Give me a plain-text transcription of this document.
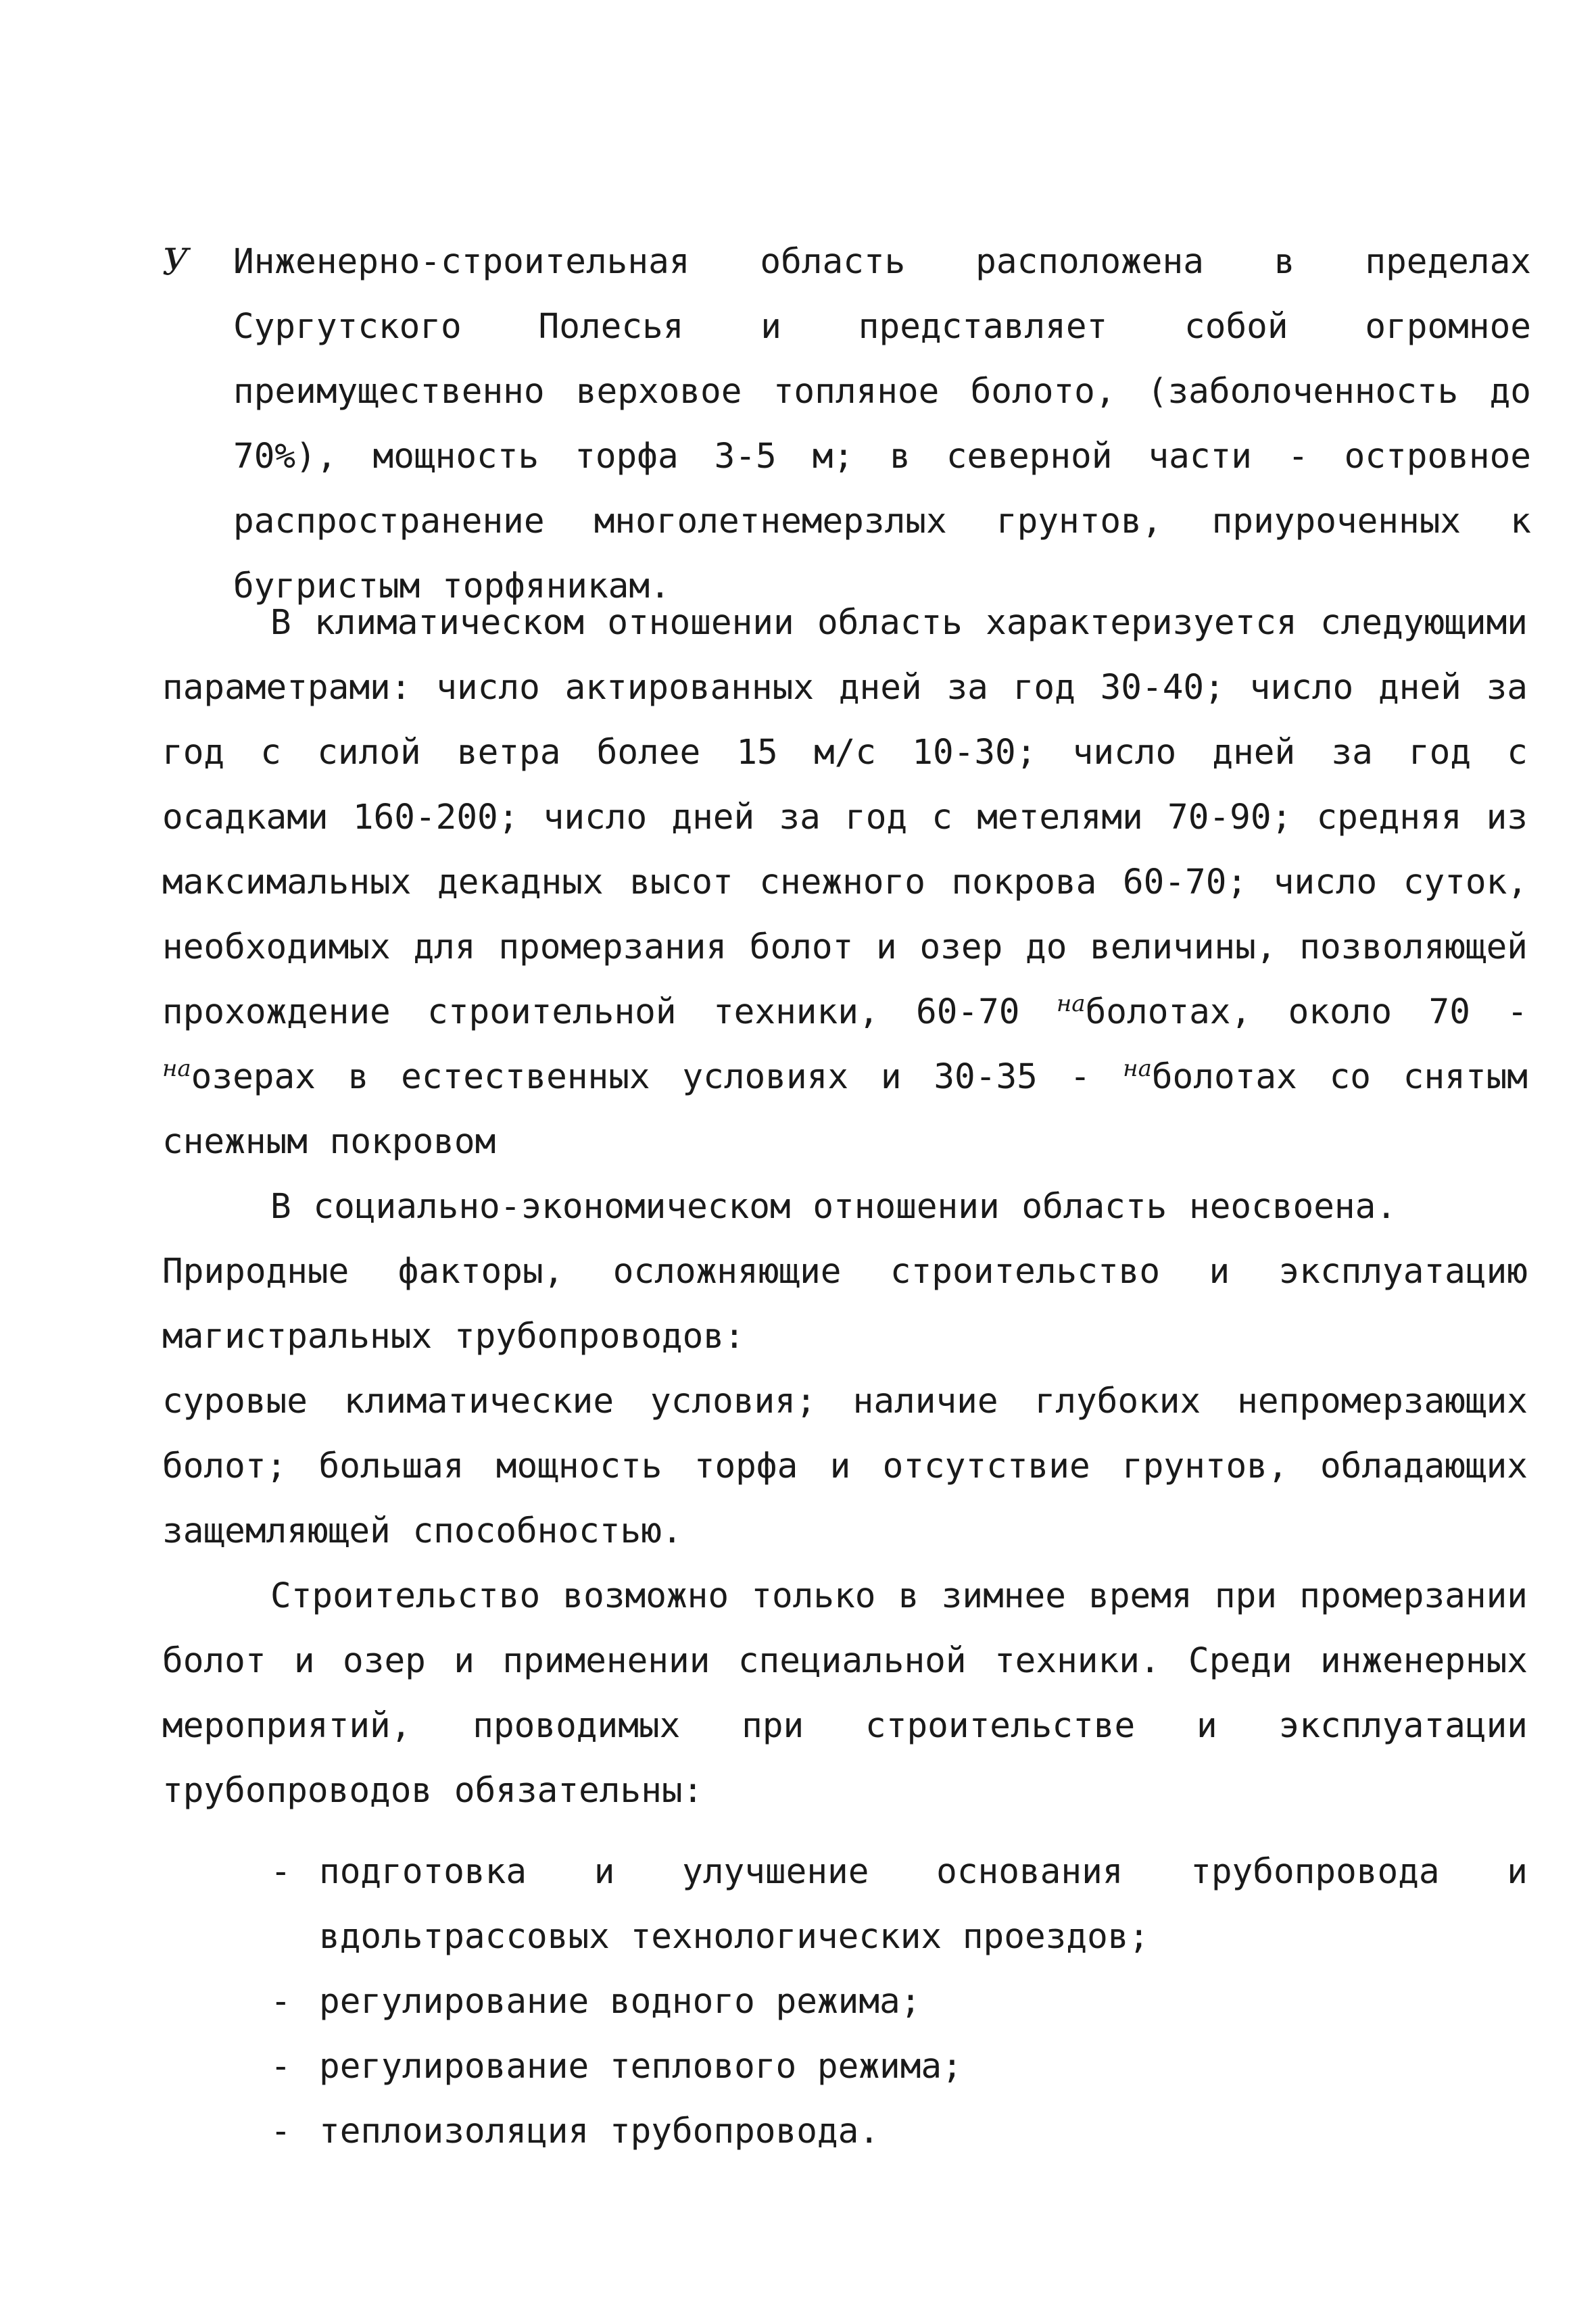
У Инженерно-строительная область расположена в пределах Сургутского Полесья и представляет собой огромное преимущественно верховое топляное болото, (заболоченность до 70%), мощность торфа 3-5 м; в северной части - островное распространение многолетнемерзлых грунтов, приуроченных к бугристым торфяникам.

В климатическом отношении область характеризуется следующими параметрами: число актированных дней за год 30-40; число дней за год с силой ветра более 15 м/с 10-30; число дней за год с осадками 160-200; число дней за год с метелями 70-90; средняя из максимальных декадных высот снежного покрова 60-70; число суток, необходимых для промерзания болот и озер до величины, позволяющей прохождение строительной техники, 60-70 $^{на}$болотах, около 70 - $^{на}$озерах в естественных условиях и 30-35 - $^{на}$болотах со снятым снежным покровом

В социально-экономическом отношении область неосвоена.

Природные факторы, осложняющие строительство и эксплуатацию магистральных трубопроводов:
суровые климатические условия; наличие глубоких непромерзающих болот; большая мощность торфа и отсутствие грунтов, обладающих защемляющей способностью.

Строительство возможно только в зимнее время при промерзании болот и озер и применении специальной техники. Среди инженерных мероприятий, проводимых при строительстве и эксплуатации трубопроводов обязательны:

- подготовка и улучшение основания трубопровода и вдольтрассовых технологических проездов;
- регулирование водного режима;
- регулирование теплового режима;
- теплоизоляция трубопровода.
